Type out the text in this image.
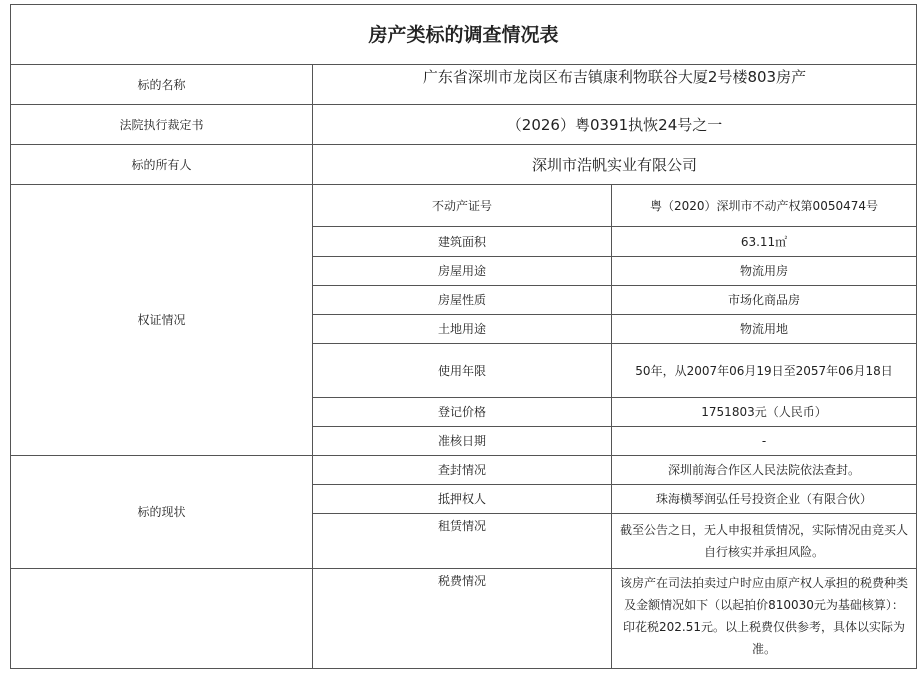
房产类标的调查情况表		
标的名称	广东省深圳市龙岗区布吉镇康利物联谷大厦2号楼803房产	
法院执行裁定书	（2026）粤0391执恢24号之一	
标的所有人	深圳市浩帆实业有限公司	
权证情况	不动产证号	粤（2020）深圳市不动产权第0050474号
	建筑面积	63.11㎡
	房屋用途	物流用房
	房屋性质	市场化商品房
	土地用途	物流用地
	使用年限	50年，从2007年06月19日至2057年06月18日
	登记价格	1751803元（人民币）
	准核日期	-
标的现状	查封情况	深圳前海合作区人民法院依法查封。
	抵押权人	珠海横琴润弘任号投资企业（有限合伙）
	租赁情况	截至公告之日，无人申报租赁情况，实际情况由竞买人自行核实并承担风险。
	税费情况	该房产在司法拍卖过户时应由原产权人承担的税费种类及金额情况如下（以起拍价810030元为基础核算）：印花税202.51元。以上税费仅供参考，具体以实际为准。
